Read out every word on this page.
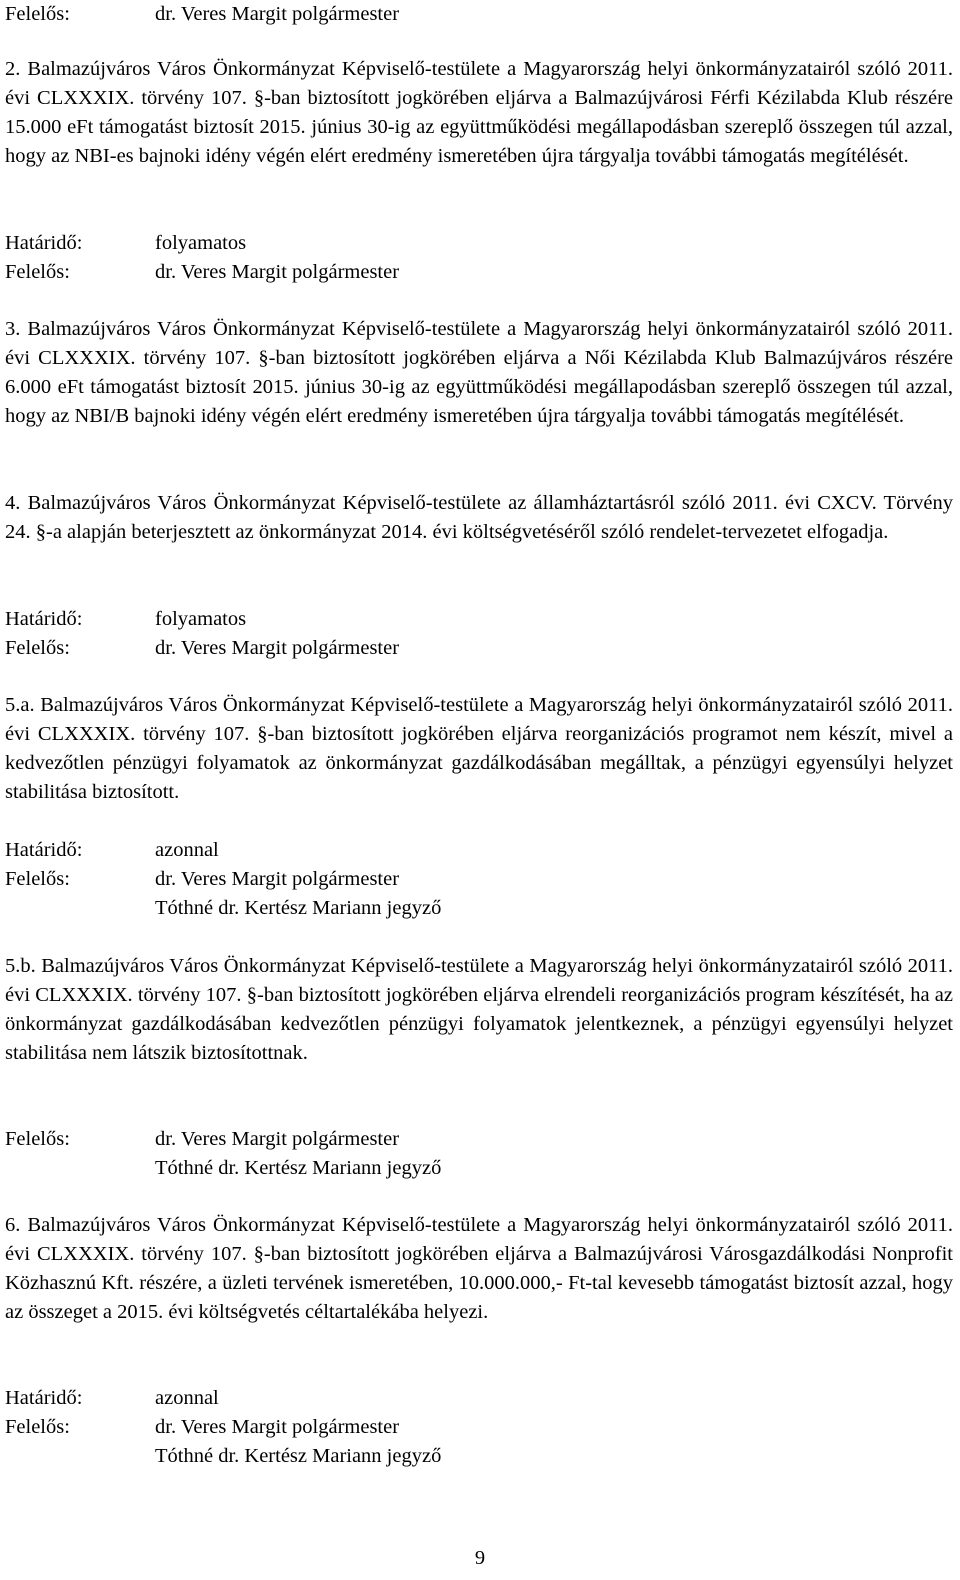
Felelős:	dr. Veres Margit polgármester

2. Balmazújváros Város Önkormányzat Képviselő-testülete a Magyarország helyi önkormányzatairól szóló 2011. évi CLXXXIX. törvény 107. §-ban biztosított jogkörében eljárva a Balmazújvárosi Férfi Kézilabda Klub részére 15.000 eFt támogatást biztosít 2015. június 30-ig az együttműködési megállapodásban szereplő összegen túl azzal, hogy az NBI-es bajnoki idény végén elért eredmény ismeretében újra tárgyalja további támogatás megítélését.

Határidő:	folyamatos
Felelős:	dr. Veres Margit polgármester

3. Balmazújváros Város Önkormányzat Képviselő-testülete a Magyarország helyi önkormányzatairól szóló 2011. évi CLXXXIX. törvény 107. §-ban biztosított jogkörében eljárva a Női Kézilabda Klub Balmazújváros részére 6.000 eFt támogatást biztosít 2015. június 30-ig az együttműködési megállapodásban szereplő összegen túl azzal, hogy az NBI/B bajnoki idény végén elért eredmény ismeretében újra tárgyalja további támogatás megítélését.

4. Balmazújváros Város Önkormányzat Képviselő-testülete az államháztartásról szóló 2011. évi CXCV. Törvény 24. §-a alapján beterjesztett az önkormányzat 2014. évi költségvetéséről szóló rendelet-tervezetet elfogadja.

Határidő:	folyamatos
Felelős:	dr. Veres Margit polgármester

5.a. Balmazújváros Város Önkormányzat Képviselő-testülete a Magyarország helyi önkormányzatairól szóló 2011. évi CLXXXIX. törvény 107. §-ban biztosított jogkörében eljárva reorganizációs programot nem készít, mivel a kedvezőtlen pénzügyi folyamatok az önkormányzat gazdálkodásában megálltak, a pénzügyi egyensúlyi helyzet stabilitása biztosított.

Határidő:	azonnal
Felelős:	dr. Veres Margit polgármester
Tóthné dr. Kertész Mariann jegyző

5.b. Balmazújváros Város Önkormányzat Képviselő-testülete a Magyarország helyi önkormányzatairól szóló 2011. évi CLXXXIX. törvény 107. §-ban biztosított jogkörében eljárva elrendeli reorganizációs program készítését, ha az önkormányzat gazdálkodásában kedvezőtlen pénzügyi folyamatok jelentkeznek, a pénzügyi egyensúlyi helyzet stabilitása nem látszik biztosítottnak.

Felelős:	dr. Veres Margit polgármester
Tóthné dr. Kertész Mariann jegyző

6. Balmazújváros Város Önkormányzat Képviselő-testülete a Magyarország helyi önkormányzatairól szóló 2011. évi CLXXXIX. törvény 107. §-ban biztosított jogkörében eljárva a Balmazújvárosi Városgazdálkodási Nonprofit Közhasznú Kft. részére, a üzleti tervének ismeretében, 10.000.000,- Ft-tal kevesebb támogatást biztosít azzal, hogy az összeget a 2015. évi költségvetés céltartalékába helyezi.

Határidő:	azonnal
Felelős:	dr. Veres Margit polgármester
Tóthné dr. Kertész Mariann jegyző
9
